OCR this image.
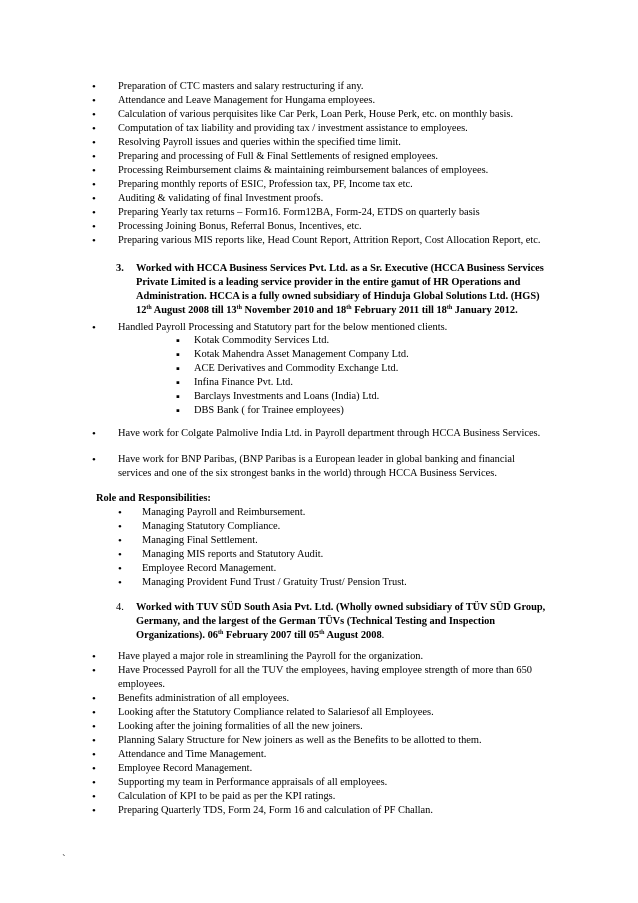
• Preparation of CTC masters and salary restructuring if any.
• Attendance and Leave Management for Hungama employees.
• Calculation of various perquisites like Car Perk, Loan Perk, House Perk, etc. on monthly basis.
• Computation of tax liability and providing tax / investment assistance to employees.
• Resolving Payroll issues and queries within the specified time limit.
• Preparing and processing of Full & Final Settlements of resigned employees.
• Processing Reimbursement claims & maintaining reimbursement balances of employees.
• Preparing monthly reports of ESIC, Profession tax, PF, Income tax etc.
• Auditing & validating of final Investment proofs.
• Preparing Yearly tax returns – Form16. Form12BA, Form-24, ETDS on quarterly basis
• Processing Joining Bonus, Referral Bonus, Incentives, etc.
• Preparing various MIS reports like, Head Count Report, Attrition Report, Cost Allocation Report, etc.
3. Worked with HCCA Business Services Pvt. Ltd. as a Sr. Executive (HCCA Business Services
Private Limited is a leading service provider in the entire gamut of HR Operations and
Administration. HCCA is a fully owned subsidiary of Hinduja Global Solutions Ltd. (HGS)
12th August 2008 till 13th November 2010 and 18th February 2011 till 18th January 2012.
• Handled Payroll Processing and Statutory part for the below mentioned clients.
▪ Kotak Commodity Services Ltd.
▪ Kotak Mahendra Asset Management Company Ltd.
▪ ACE Derivatives and Commodity Exchange Ltd.
▪ Infina Finance Pvt. Ltd.
▪ Barclays Investments and Loans (India) Ltd.
▪ DBS Bank ( for Trainee employees)
• Have work for Colgate Palmolive India Ltd. in Payroll department through HCCA Business Services.
• Have work for BNP Paribas, (BNP Paribas is a European leader in global banking and financial
services and one of the six strongest banks in the world) through HCCA Business Services.
Role and Responsibilities:
• Managing Payroll and Reimbursement.
• Managing Statutory Compliance.
• Managing Final Settlement.
• Managing MIS reports and Statutory Audit.
• Employee Record Management.
• Managing Provident Fund Trust / Gratuity Trust/ Pension Trust.
4. Worked with TUV SÜD South Asia Pvt. Ltd. (Wholly owned subsidiary of TÜV SÜD Group,
Germany, and the largest of the German TÜVs (Technical Testing and Inspection
Organizations). 06th February 2007 till 05th August 2008.
• Have played a major role in streamlining the Payroll for the organization.
• Have Processed Payroll for all the TUV the employees, having employee strength of more than 650
employees.
• Benefits administration of all employees.
• Looking after the Statutory Compliance related to Salariesof all Employees.
• Looking after the joining formalities of all the new joiners.
• Planning Salary Structure for New joiners as well as the Benefits to be allotted to them.
• Attendance and Time Management.
• Employee Record Management.
• Supporting my team in Performance appraisals of all employees.
• Calculation of KPI to be paid as per the KPI ratings.
• Preparing Quarterly TDS, Form 24, Form 16 and calculation of PF Challan.
`
